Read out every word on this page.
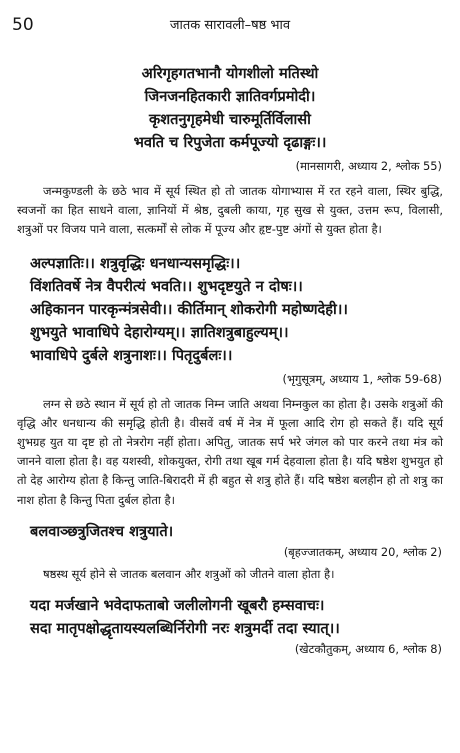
50	जातक सारावली–षष्ठ भाव
अरिगृहगतभानौ योगशीलो मतिस्थो
जिनजनहितकारी ज्ञातिवर्गप्रमोदी।
कृशतनुगृहमेधी चारुमूर्तिर्विलासी
भवति च रिपुजेता कर्मपूज्यो दृढाङ्गः।।
(मानसागरी, अध्याय 2, श्लोक 55)
जन्मकुण्डली के छठे भाव में सूर्य स्थित हो तो जातक योगाभ्यास में रत रहने वाला, स्थिर बुद्धि, स्वजनों का हित साधने वाला, ज्ञानियों में श्रेष्ठ, दुबली काया, गृह सुख से युक्त, उत्तम रूप, विलासी, शत्रुओं पर विजय पाने वाला, सत्कर्मों से लोक में पूज्य और हृष्ट-पुष्ट अंगों से युक्त होता है।
अल्पज्ञातिः।। शत्रुवृद्धिः धनधान्यसमृद्धिः।।
विंशतिवर्षे नेत्र वैपरीत्यं भवति।। शुभदृष्टयुते न दोषः।।
अहिकानन पारकृन्मंत्रसेवी।। कीर्तिमान् शोकरोगी महोष्णदेही।।
शुभयुते भावाधिपे देहारोग्यम्।। ज्ञातिशत्रुबाहुल्यम्।।
भावाधिपे दुर्बले शत्रुनाशः।। पितृदुर्बलः।।
(भृगुसूत्रम्, अध्याय 1, श्लोक 59-68)
लग्न से छठे स्थान में सूर्य हो तो जातक निम्न जाति अथवा निम्नकुल का होता है। उसके शत्रुओं की वृद्धि और धनधान्य की समृद्धि होती है। वीसवें वर्ष में नेत्र में फूला आदि रोग हो सकते हैं। यदि सूर्य शुभग्रह युत या दृष्ट हो तो नेत्ररोग नहीं होता। अपितु, जातक सर्प भरे जंगल को पार करने तथा मंत्र को जानने वाला होता है। वह यशस्वी, शोकयुक्त, रोगी तथा खूब गर्म देहवाला होता है। यदि षष्ठेश शुभयुत हो तो देह आरोग्य होता है किन्तु जाति-बिरादरी में ही बहुत से शत्रु होते हैं। यदि षष्ठेश बलहीन हो तो शत्रु का नाश होता है किन्तु पिता दुर्बल होता है।
बलवाञ्छत्रुजितश्च शत्रुयाते।
(बृहज्जातकम्, अध्याय 20, श्लोक 2)
षष्ठस्थ सूर्य होने से जातक बलवान और शत्रुओं को जीतने वाला होता है।
यदा मर्जखाने भवेदाफताबो जलीलोगनी खूबरौ हम्सवाचः।
सदा मातृपक्षोद्धृतायस्यलब्धिर्निरोगी नरः शत्रुमर्दी तदा स्यात्।।
(खेटकौतुकम्, अध्याय 6, श्लोक 8)
